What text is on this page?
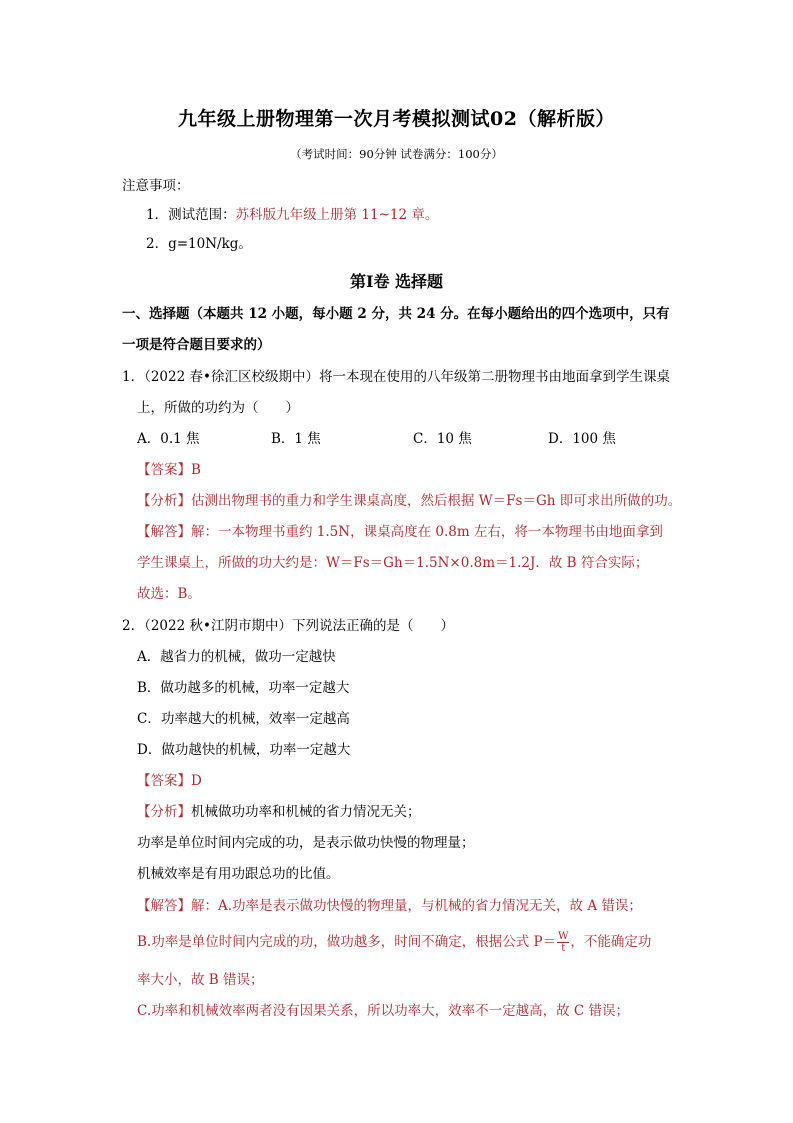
九年级上册物理第一次月考模拟测试02（解析版）
（考试时间：90分钟 试卷满分：100分）
注意事项：
1．测试范围：苏科版九年级上册第 11~12 章。
2．g=10N/kg。
第Ⅰ卷 选择题
一、选择题（本题共 12 小题，每小题 2 分，共 24 分。在每小题给出的四个选项中，只有
一项是符合题目要求的）
1．（2022 春•徐汇区校级期中）将一本现在使用的八年级第二册物理书由地面拿到学生课桌
上，所做的功约为（　　）
A．0.1 焦	B．1 焦	C．10 焦	D．100 焦
【答案】B
【分析】估测出物理书的重力和学生课桌高度，然后根据 W＝Fs＝Gh 即可求出所做的功。
【解答】解：一本物理书重约 1.5N，课桌高度在 0.8m 左右，将一本物理书由地面拿到
学生课桌上，所做的功大约是：W＝Fs＝Gh＝1.5N×0.8m＝1.2J．故 B 符合实际；
故选：B。
2．（2022 秋•江阴市期中）下列说法正确的是（　　）
A．越省力的机械，做功一定越快
B．做功越多的机械，功率一定越大
C．功率越大的机械，效率一定越高
D．做功越快的机械，功率一定越大
【答案】D
【分析】机械做功功率和机械的省力情况无关；
功率是单位时间内完成的功，是表示做功快慢的物理量；
机械效率是有用功跟总功的比值。
【解答】解：A.功率是表示做功快慢的物理量，与机械的省力情况无关，故 A 错误；
B.功率是单位时间内完成的功，做功越多，时间不确定，根据公式 $P= \frac{W}{t}$ ，不能确定功
率大小，故 B 错误；
C.功率和机械效率两者没有因果关系，所以功率大，效率不一定越高，故 C 错误；
